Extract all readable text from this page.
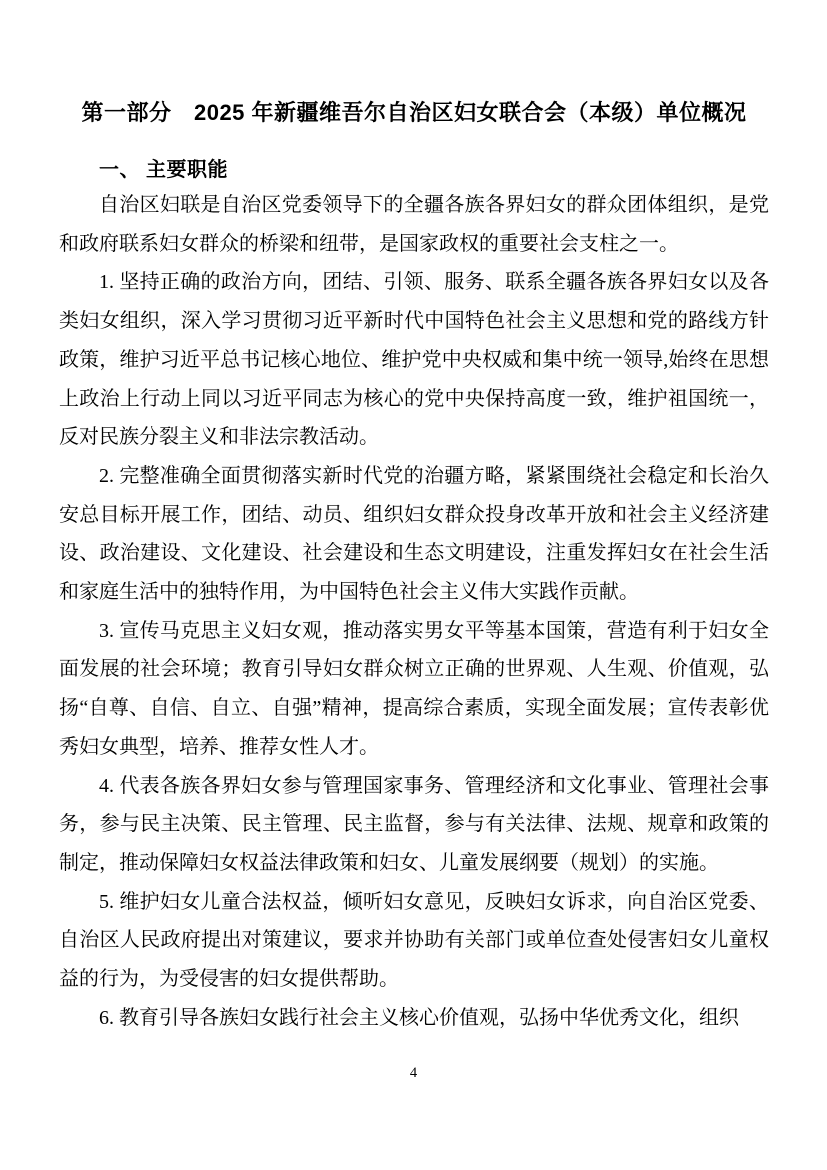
第一部分　2025 年新疆维吾尔自治区妇女联合会（本级）单位概况
一、 主要职能

自治区妇联是自治区党委领导下的全疆各族各界妇女的群众团体组织，是党和政府联系妇女群众的桥梁和纽带，是国家政权的重要社会支柱之一。

1. 坚持正确的政治方向，团结、引领、服务、联系全疆各族各界妇女以及各类妇女组织，深入学习贯彻习近平新时代中国特色社会主义思想和党的路线方针政策，维护习近平总书记核心地位、维护党中央权威和集中统一领导,始终在思想上政治上行动上同以习近平同志为核心的党中央保持高度一致，维护祖国统一，反对民族分裂主义和非法宗教活动。

2. 完整准确全面贯彻落实新时代党的治疆方略，紧紧围绕社会稳定和长治久安总目标开展工作，团结、动员、组织妇女群众投身改革开放和社会主义经济建设、政治建设、文化建设、社会建设和生态文明建设，注重发挥妇女在社会生活和家庭生活中的独特作用，为中国特色社会主义伟大实践作贡献。

3. 宣传马克思主义妇女观，推动落实男女平等基本国策，营造有利于妇女全面发展的社会环境；教育引导妇女群众树立正确的世界观、人生观、价值观，弘扬“自尊、自信、自立、自强”精神，提高综合素质，实现全面发展；宣传表彰优秀妇女典型，培养、推荐女性人才。

4. 代表各族各界妇女参与管理国家事务、管理经济和文化事业、管理社会事务，参与民主决策、民主管理、民主监督，参与有关法律、法规、规章和政策的制定，推动保障妇女权益法律政策和妇女、儿童发展纲要（规划）的实施。

5. 维护妇女儿童合法权益，倾听妇女意见，反映妇女诉求，向自治区党委、自治区人民政府提出对策建议，要求并协助有关部门或单位查处侵害妇女儿童权益的行为，为受侵害的妇女提供帮助。

6. 教育引导各族妇女践行社会主义核心价值观，弘扬中华优秀文化，组织

4
